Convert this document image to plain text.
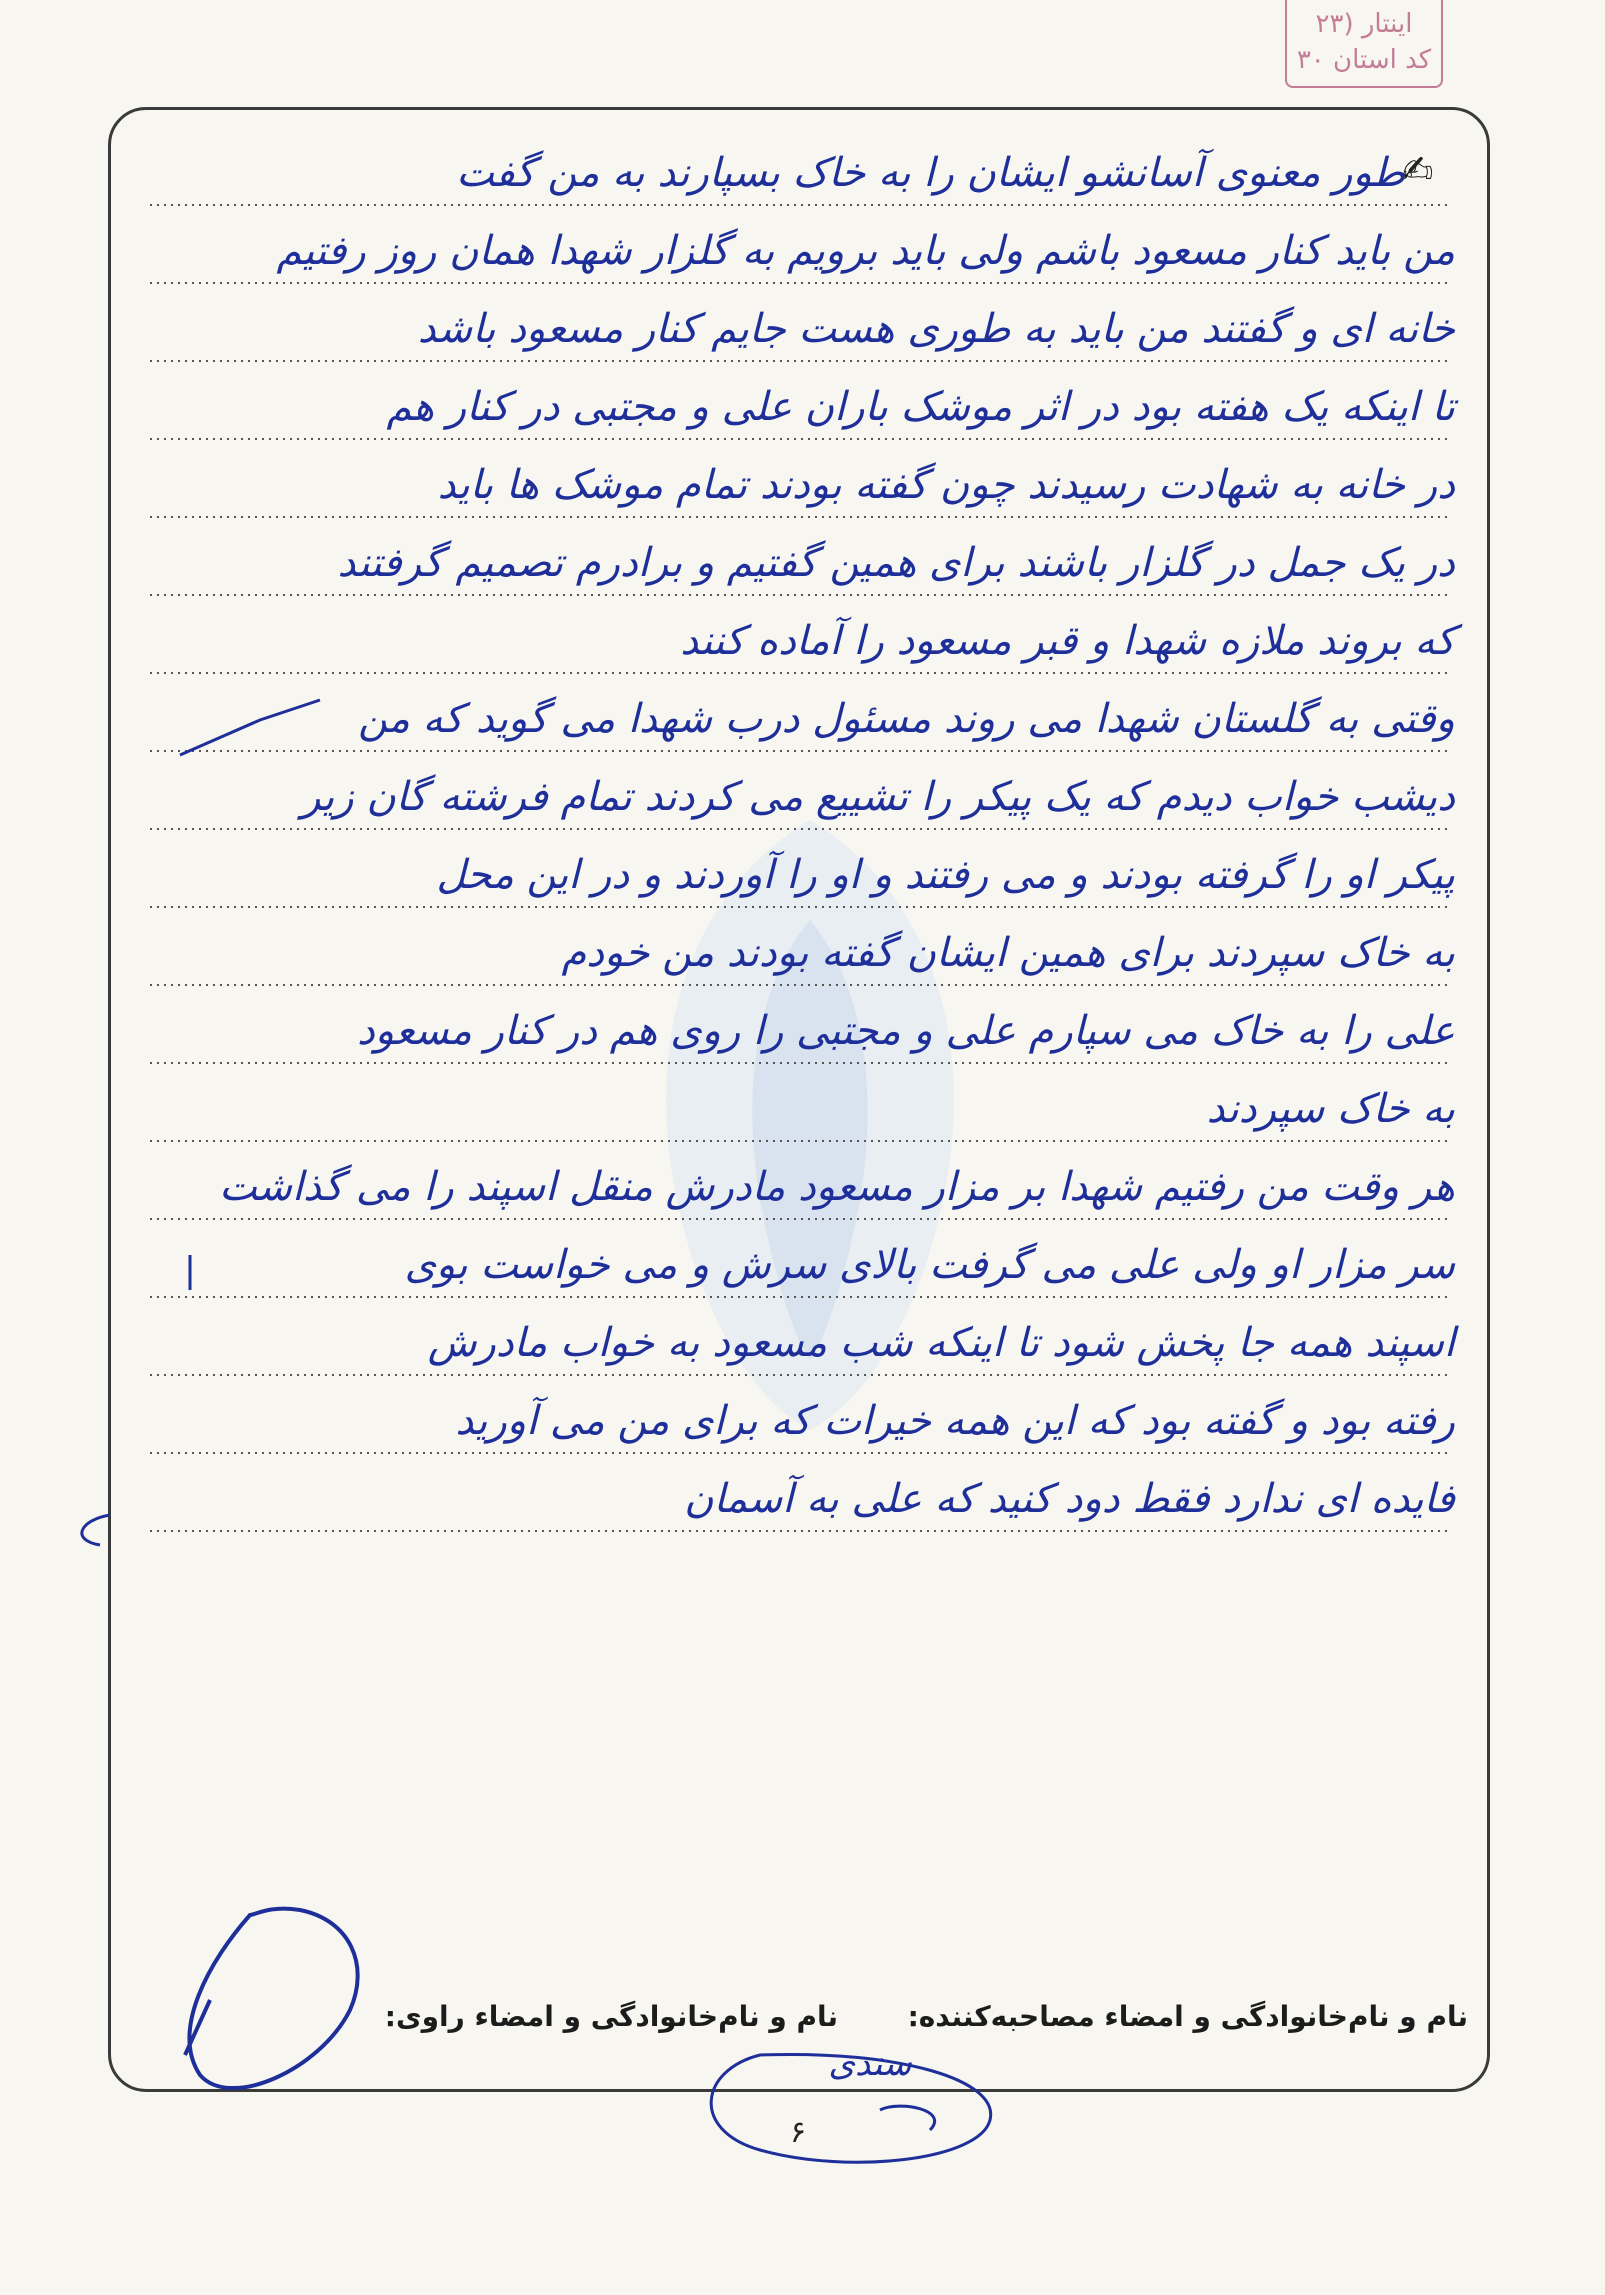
اینتار (۲۳
کد استان ۳۰
✍
طور معنوی آسانشو ایشان را به خاک بسپارند به من گفت
من باید کنار مسعود باشم ولی باید برویم به گلزار شهدا همان روز رفتیم
خانه ای و گفتند من باید به طوری هست جایم کنار مسعود باشد
تا اینکه یک هفته بود در اثر موشک باران علی و مجتبی در کنار هم
در خانه به شهادت رسیدند چون گفته بودند تمام موشک ها باید
در یک جمل در گلزار باشند برای همین گفتیم و برادرم تصمیم گرفتند
که بروند ملازه شهدا و قبر مسعود را آماده کنند
وقتی به گلستان شهدا می روند مسئول درب شهدا می گوید که من
دیشب خواب دیدم که یک پیکر را تشییع می کردند تمام فرشته گان زیر
پیکر او را گرفته بودند و می رفتند و او را آوردند و در این محل
به خاک سپردند برای همین ایشان گفته بودند من خودم
علی را به خاک می سپارم علی و مجتبی را روی هم در کنار مسعود
به خاک سپردند
هر وقت من رفتیم شهدا بر مزار مسعود مادرش منقل اسپند را می گذاشت
سر مزار او ولی علی می گرفت بالای سرش و می خواست بوی
اسپند همه جا پخش شود تا اینکه شب مسعود به خواب مادرش
رفته بود و گفته بود که این همه خیرات که برای من می آورید
فایده ای ندارد فقط دود کنید که علی به آسمان
نام و نام‌خانوادگی و امضاء مصاحبه‌کننده:  نام و نام‌خانوادگی و امضاء راوی:
۶
سندی
